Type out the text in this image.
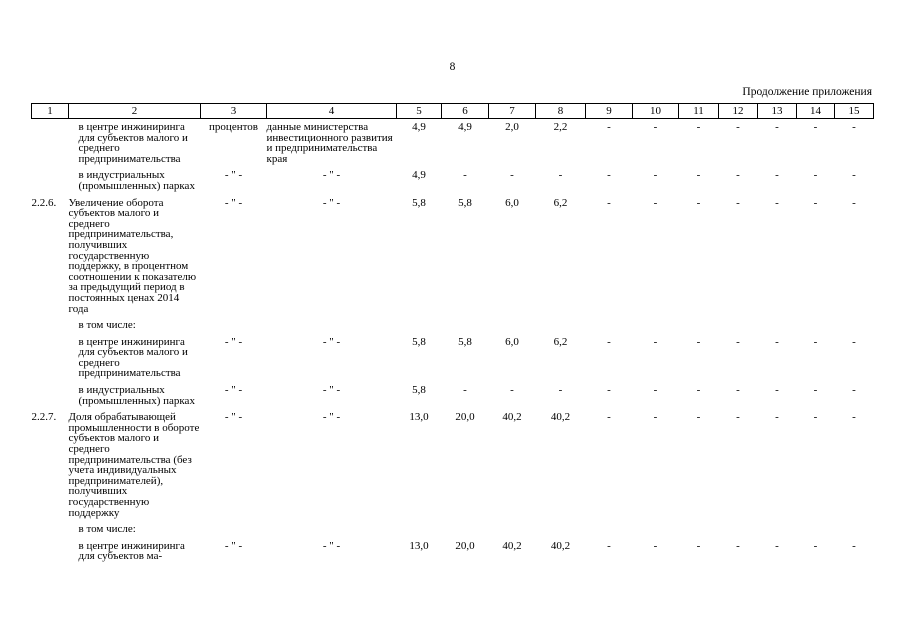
8
Продолжение приложения
1	2	3	4	5	6	7	8	9	10	11	12	13	14	15
	в центре инжиниринга для субъектов малого и среднего предпринимательства	процентов	данные министерства инвестиционного развития и предпринимательства края	4,9	4,9	2,0	2,2	-	-	-	-	-	-	-
	в индустриальных (промышленных) парках	- " -	- " -	4,9	-	-	-	-	-	-	-	-	-	-
2.2.6.	Увеличение оборота субъектов малого и среднего предпринимательства, получивших государственную поддержку, в процентном соотношении к показателю за предыдущий период в постоянных ценах 2014 года	- " -	- " -	5,8	5,8	6,0	6,2	-	-	-	-	-	-	-
	в том числе:													
	в центре инжиниринга для субъектов малого и среднего предпринимательства	- " -	- " -	5,8	5,8	6,0	6,2	-	-	-	-	-	-	-
	в индустриальных (промышленных) парках	- " -	- " -	5,8	-	-	-	-	-	-	-	-	-	-
2.2.7.	Доля обрабатывающей промышленности в обороте субъектов малого и среднего предпринимательства (без учета индивидуальных предпринимателей), получивших государственную поддержку	- " -	- " -	13,0	20,0	40,2	40,2	-	-	-	-	-	-	-
	в том числе:													
	в центре инжиниринга для субъектов ма-	- " -	- " -	13,0	20,0	40,2	40,2	-	-	-	-	-	-	-
